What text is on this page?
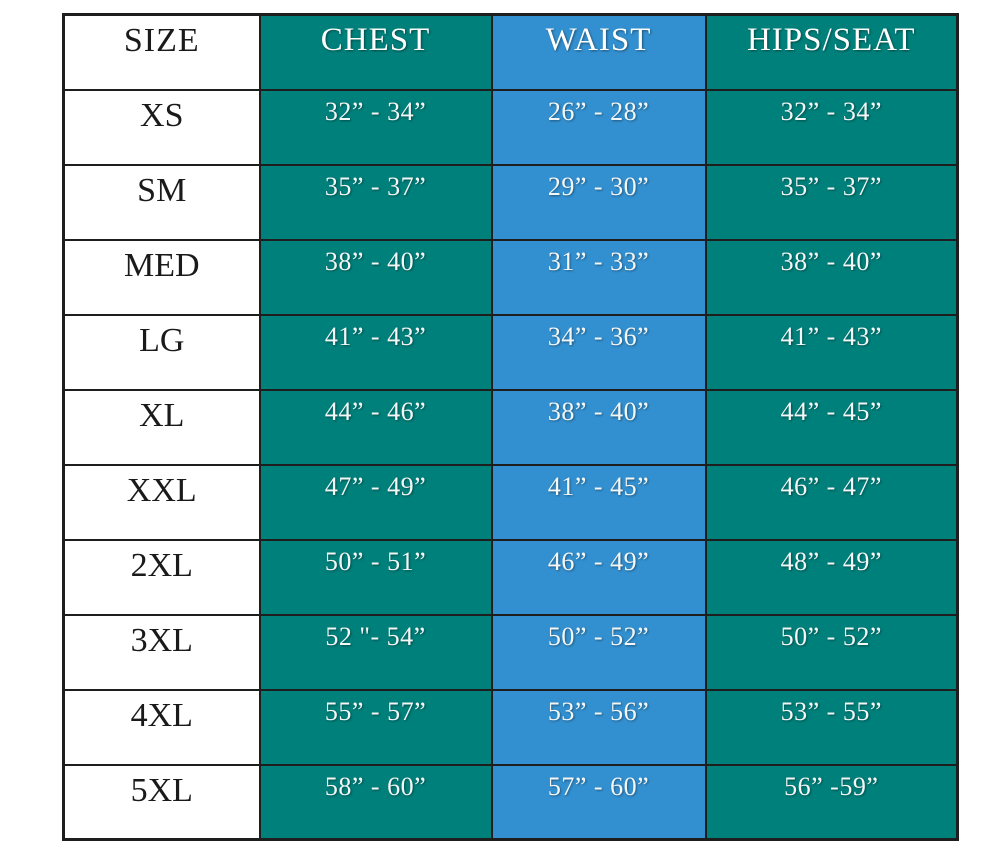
SIZE	CHEST	WAIST	HIPS/SEAT
XS	32” - 34”	26” - 28”	32” - 34”
SM	35” - 37”	29” - 30”	35” - 37”
MED	38” - 40”	31” - 33”	38” - 40”
LG	41” - 43”	34” - 36”	41” - 43”
XL	44” - 46”	38” - 40”	44” - 45”
XXL	47” - 49”	41” - 45”	46” - 47”
2XL	50” - 51”	46” - 49”	48” - 49”
3XL	52 "- 54”	50” - 52”	50” - 52”
4XL	55” - 57”	53” - 56”	53” - 55”
5XL	58” - 60”	57” - 60”	56” -59”
